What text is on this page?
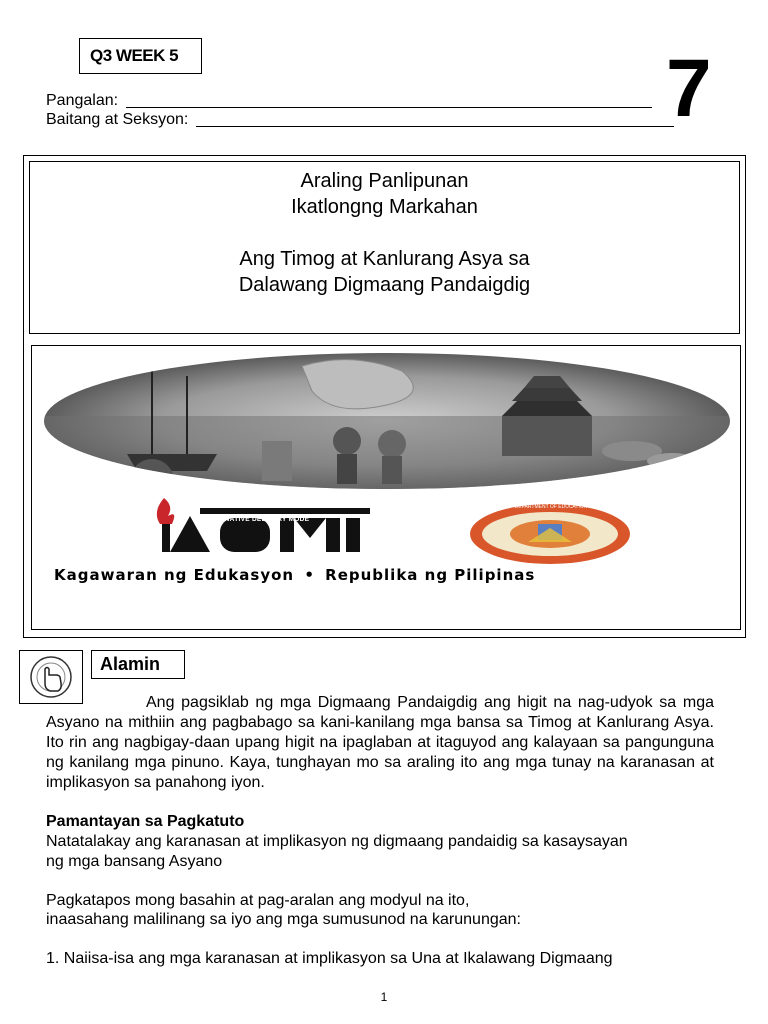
Q3 WEEK 5	7
Pangalan:
Baitang at Seksyon:
Araling Panlipunan
Ikatlongng Markahan
Ang Timog at Kanlurang Asya sa
Dalawang Digmaang Pandaigdig
ALTERNATIVE DELIVERY MODE
DEPARTMENT OF EDUCATION
Kagawaran ng Edukasyon • Republika ng Pilipinas
Alamin
Ang pagsiklab ng mga Digmaang Pandaigdig ang higit na nag-udyok sa mga Asyano na mithiin ang pagbabago sa kani-kanilang mga bansa sa Timog at Kanlurang Asya. Ito rin ang nagbigay-daan upang higit na ipaglaban at itaguyod ang kalayaan sa pangunguna ng kanilang mga pinuno. Kaya, tunghayan mo sa araling ito ang mga tunay na karanasan at implikasyon sa panahong iyon.
Pamantayan sa Pagkatuto
Natatalakay ang karanasan at implikasyon ng digmaang pandaidig sa kasaysayan
ng mga bansang Asyano
Pagkatapos mong basahin at pag-aralan ang modyul na ito,
inaasahang malilinang sa iyo ang mga sumusunod na karunungan:
1. Naiisa-isa ang mga karanasan at implikasyon sa Una at Ikalawang Digmaang
1
